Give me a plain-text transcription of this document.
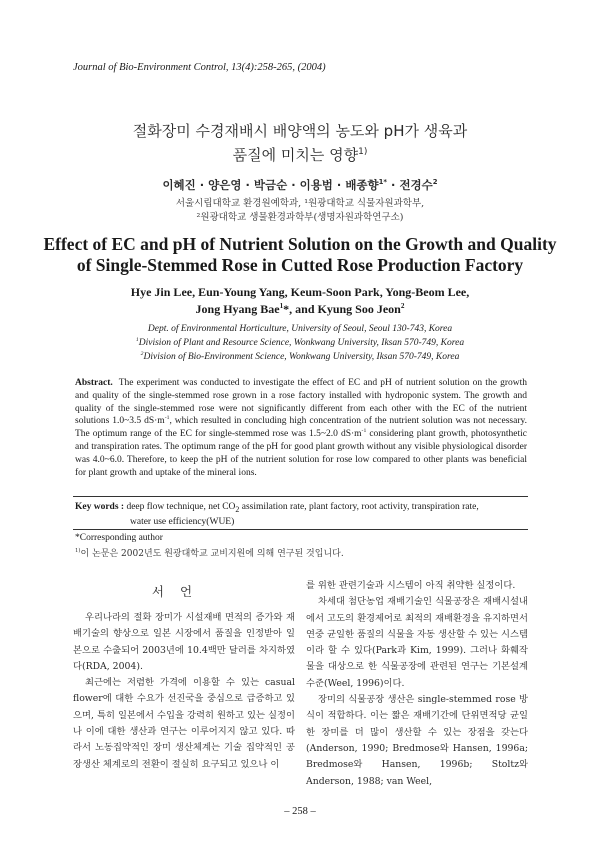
Journal of Bio-Environment Control, 13(4):258-265, (2004)
절화장미 수경재배시 배양액의 농도와 pH가 생육과
품질에 미치는 영향$^{1)}$
이혜진 · 양은영 · 박금순 · 이용범 · 배종향$^{1*}$ · 전경수$^2$
서울시립대학교 환경원예학과, ¹원광대학교 식물자원과학부,
²원광대학교 생물환경과학부(생명자원과학연구소)
Effect of EC and pH of Nutrient Solution on the Growth and Quality
of Single-Stemmed Rose in Cutted Rose Production Factory
Hye Jin Lee, Eun-Young Yang, Keum-Soon Park, Yong-Beom Lee,
Jong Hyang Bae$^1$*, and Kyung Soo Jeon$^2$
Dept. of Environmental Horticulture, University of Seoul, Seoul 130-743, Korea
$^1$Division of Plant and Resource Science, Wonkwang University, Iksan 570-749, Korea
$^2$Division of Bio-Environment Science, Wonkwang University, Iksan 570-749, Korea
Abstract. The experiment was conducted to investigate the effect of EC and pH of nutrient solution on the growth and quality of the single-stemmed rose grown in a rose factory installed with hydroponic system. The growth and quality of the single-stemmed rose were not significantly different from each other with the EC of the nutrient solutions 1.0~3.5 $dS\cdot m^{-1}$, which resulted in concluding high concentration of the nutrient solution was not necessary. The optimum range of the EC for single-stemmed rose was 1.5~2.0 $dS\cdot m^{-1}$ considering plant growth, photosynthetic and transpiration rates. The optimum range of the pH for good plant growth without any visible physiological disorder was 4.0~6.0. Therefore, to keep the pH of the nutrient solution for rose low compared to other plants was beneficial for plant growth and uptake of the mineral ions.
Key words : deep flow technique, net $CO_2$ assimilation rate, plant factory, root activity, transpiration rate,
water use efficiency(WUE)
*Corresponding author
$^{1)}$이 논문은 2002년도 원광대학교 교비지원에 의해 연구된 것입니다.
서언

우리나라의 절화 장미가 시설재배 면적의 증가와 재배기술의 향상으로 일본 시장에서 품질을 인정받아 일본으로 수출되어 2003년에 10.4백만 달러를 차지하였다(RDA, 2004).

최근에는 저렴한 가격에 이용할 수 있는 casual flower에 대한 수요가 선진국을 중심으로 급증하고 있으며, 특히 일본에서 수입을 강력히 원하고 있는 실정이나 이에 대한 생산과 연구는 이루어지지 않고 있다. 따라서 노동집약적인 장미 생산체계는 기술 집약적인 공장생산 체계로의 전환이 절실히 요구되고 있으나 이

를 위한 관련기술과 시스템이 아직 취약한 실정이다.

차세대 첨단농업 재배기술인 식물공장은 재배시설내에서 고도의 환경제어로 최적의 재배환경을 유지하면서 연중 균일한 품질의 식물을 자동 생산할 수 있는 시스템이라 할 수 있다(Park과 Kim, 1999). 그러나 화훼작물을 대상으로 한 식물공장에 관련된 연구는 기본설계 수준(Weel, 1996)이다.

장미의 식물공장 생산은 single-stemmed rose 방식이 적합하다. 이는 짧은 재배기간에 단위면적당 균일한 장미를 더 많이 생산할 수 있는 장점을 갖는다(Anderson, 1990; Bredmose와 Hansen, 1996a; Bredmose와 Hansen, 1996b; Stoltz와 Anderson, 1988; van Weel,

– 258 –
